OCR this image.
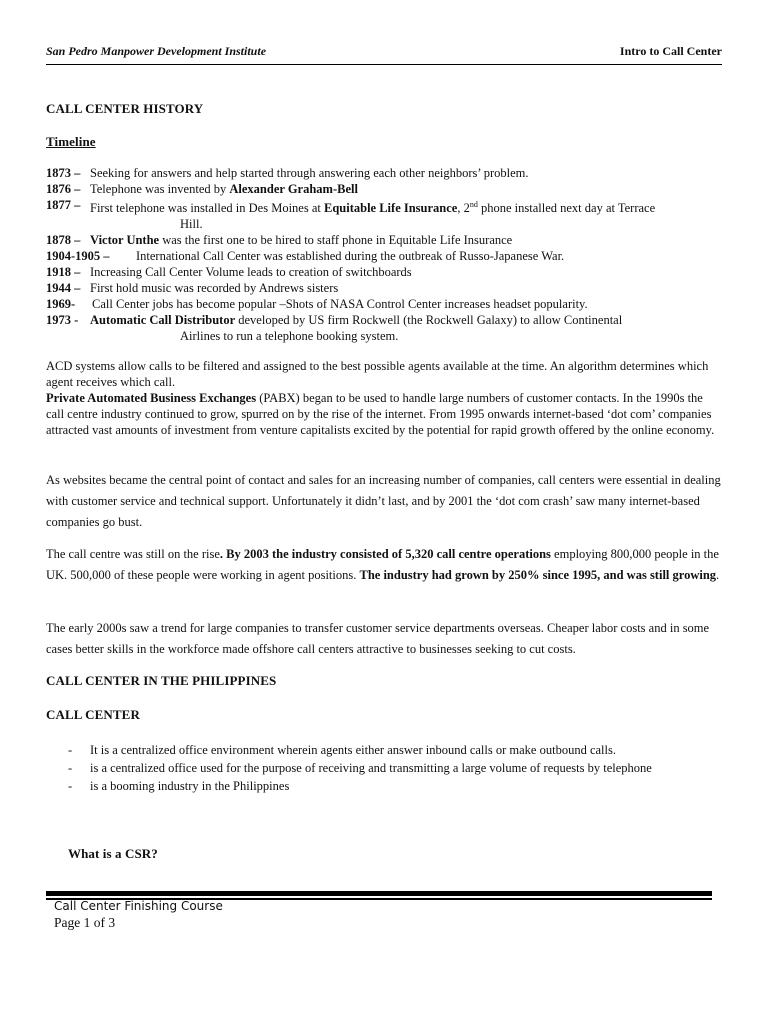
San Pedro Manpower Development Institute	Intro to Call Center
CALL CENTER HISTORY
Timeline
1873 – Seeking for answers and help started through answering each other neighbors’ problem.
1876 – Telephone was invented by Alexander Graham-Bell
1877 – First telephone was installed in Des Moines at Equitable Life Insurance, 2nd phone installed next day at Terrace
Hill.
1878 – Victor Unthe was the first one to be hired to staff phone in Equitable Life Insurance
1904-1905 – International Call Center was established during the outbreak of Russo-Japanese War.
1918 – Increasing Call Center Volume leads to creation of switchboards
1944 – First hold music was recorded by Andrews sisters
1969- Call Center jobs has become popular –Shots of NASA Control Center increases headset popularity.
1973 - Automatic Call Distributor developed by US firm Rockwell (the Rockwell Galaxy) to allow Continental
Airlines to run a telephone booking system.
ACD systems allow calls to be filtered and assigned to the best possible agents available at the time. An algorithm determines which agent receives which call.
Private Automated Business Exchanges (PABX) began to be used to handle large numbers of customer contacts. In the 1990s the call centre industry continued to grow, spurred on by the rise of the internet. From 1995 onwards internet-based ‘dot com’ companies attracted vast amounts of investment from venture capitalists excited by the potential for rapid growth offered by the online economy.
As websites became the central point of contact and sales for an increasing number of companies, call centers were essential in dealing with customer service and technical support. Unfortunately it didn’t last, and by 2001 the ‘dot com crash’ saw many internet-based companies go bust.
The call centre was still on the rise. By 2003 the industry consisted of 5,320 call centre operations employing 800,000 people in the UK. 500,000 of these people were working in agent positions. The industry had grown by 250% since 1995, and was still growing.
The early 2000s saw a trend for large companies to transfer customer service departments overseas. Cheaper labor costs and in some cases better skills in the workforce made offshore call centers attractive to businesses seeking to cut costs.
CALL CENTER IN THE PHILIPPINES
CALL CENTER
- It is a centralized office environment wherein agents either answer inbound calls or make outbound calls.
- is a centralized office used for the purpose of receiving and transmitting a large volume of requests by telephone
- is a booming industry in the Philippines
What is a CSR?
Call Center Finishing Course
Page 1 of 3
